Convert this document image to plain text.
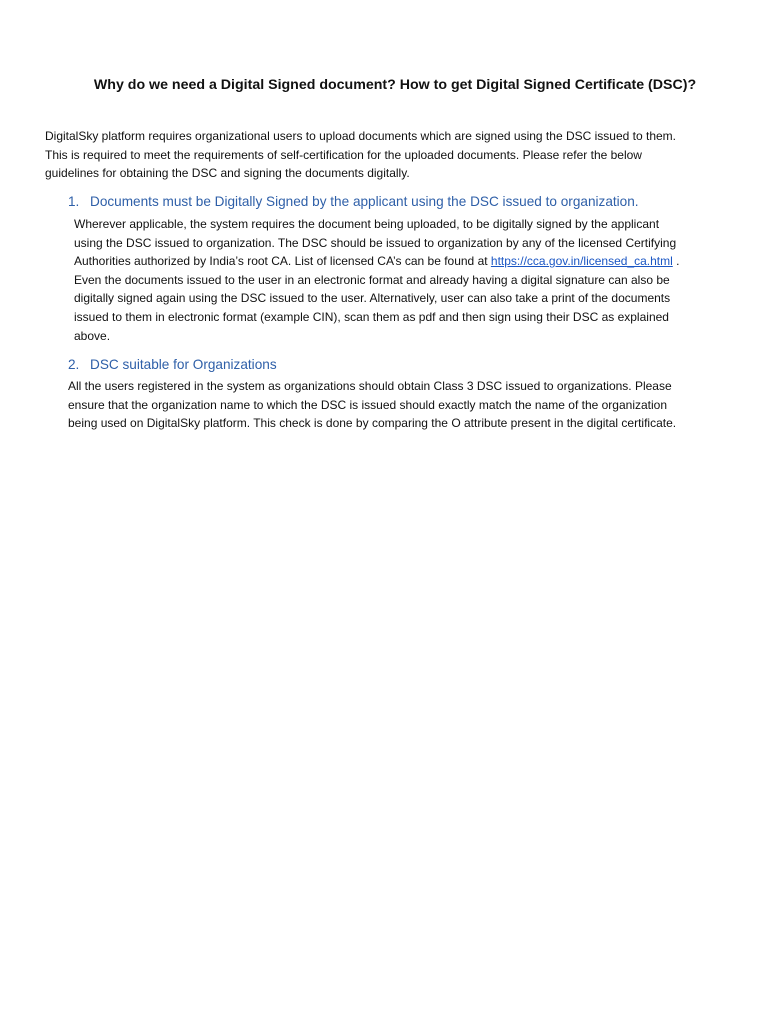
Why do we need a Digital Signed document? How to get Digital Signed Certificate (DSC)?

DigitalSky platform requires organizational users to upload documents which are signed using the DSC issued to them.
This is required to meet the requirements of self-certification for the uploaded documents. Please refer the below
guidelines for obtaining the DSC and signing the documents digitally.

1. Documents must be Digitally Signed by the applicant using the DSC issued to organization.

Wherever applicable, the system requires the document being uploaded, to be digitally signed by the applicant
using the DSC issued to organization. The DSC should be issued to organization by any of the licensed Certifying
Authorities authorized by India’s root CA. List of licensed CA’s can be found at https://cca.gov.in/licensed_ca.html .
Even the documents issued to the user in an electronic format and already having a digital signature can also be
digitally signed again using the DSC issued to the user. Alternatively, user can also take a print of the documents
issued to them in electronic format (example CIN), scan them as pdf and then sign using their DSC as explained
above.

2. DSC suitable for Organizations

All the users registered in the system as organizations should obtain Class 3 DSC issued to organizations. Please
ensure that the organization name to which the DSC is issued should exactly match the name of the organization
being used on DigitalSky platform. This check is done by comparing the O attribute present in the digital certificate.
